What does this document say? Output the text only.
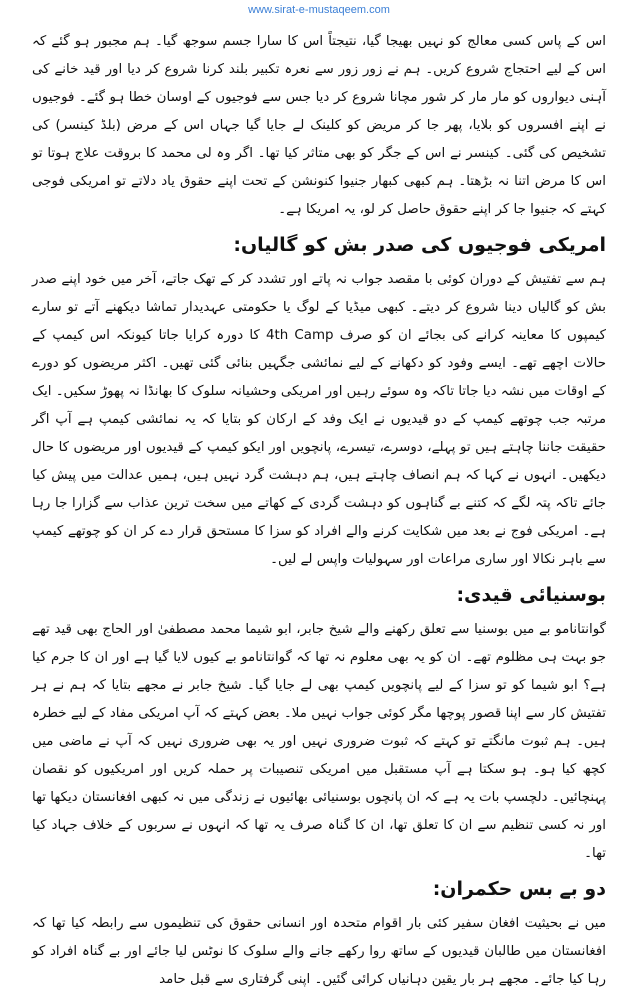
www.sirat-e-mustaqeem.com

اس کے پاس کسی معالج کو نہیں بھیجا گیا، نتیجتاً اس کا سارا جسم سوجھ گیا۔ ہم مجبور ہو گئے کہ اس کے لیے احتجاج شروع کریں۔ ہم نے زور زور سے نعرہ تکبیر بلند کرنا شروع کر دیا اور قید خانے کی آہنی دیواروں کو مار مار کر شور مچانا شروع کر دیا جس سے فوجیوں کے اوسان خطا ہو گئے۔ فوجیوں نے اپنے افسروں کو بلایا، پھر جا کر مریض کو کلینک لے جایا گیا جہاں اس کے مرض (بلڈ کینسر) کی تشخیص کی گئی۔ کینسر نے اس کے جگر کو بھی متاثر کیا تھا۔ اگر وہ لی محمد کا بروقت علاج ہوتا تو اس کا مرض اتنا نہ بڑھتا۔ ہم کبھی کبھار جنیوا کنونشن کے تحت اپنے حقوق یاد دلاتے تو امریکی فوجی کہتے کہ جنیوا جا کر اپنے حقوق حاصل کر لو، یہ امریکا ہے۔

امریکی فوجیوں کی صدر بش کو گالیاں:

ہم سے تفتیش کے دوران کوئی با مقصد جواب نہ پاتے اور تشدد کر کے تھک جاتے، آخر میں خود اپنے صدر بش کو گالیاں دینا شروع کر دیتے۔ کبھی میڈیا کے لوگ یا حکومتی عہدیدار تماشا دیکھنے آتے تو سارے کیمپوں کا معاینہ کرانے کی بجائے ان کو صرف 4th Camp کا دورہ کرایا جاتا کیونکہ اس کیمپ کے حالات اچھے تھے۔ ایسے وفود کو دکھانے کے لیے نمائشی جگہیں بنائی گئی تھیں۔ اکثر مریضوں کو دورے کے اوقات میں نشہ دیا جاتا تاکہ وہ سوئے رہیں اور امریکی وحشیانہ سلوک کا بھانڈا نہ پھوڑ سکیں۔ ایک مرتبہ جب چوتھے کیمپ کے دو قیدیوں نے ایک وفد کے ارکان کو بتایا کہ یہ نمائشی کیمپ ہے آپ اگر حقیقت جاننا چاہتے ہیں تو پہلے، دوسرے، تیسرے، پانچویں اور ایکو کیمپ کے قیدیوں اور مریضوں کا حال دیکھیں۔ انہوں نے کہا کہ ہم انصاف چاہتے ہیں، ہم دہشت گرد نہیں ہیں، ہمیں عدالت میں پیش کیا جائے تاکہ پتہ لگے کہ کتنے بے گناہوں کو دہشت گردی کے کھاتے میں سخت ترین عذاب سے گزارا جا رہا ہے۔ امریکی فوج نے بعد میں شکایت کرنے والے افراد کو سزا کا مستحق قرار دے کر ان کو چوتھے کیمپ سے باہر نکالا اور ساری مراعات اور سہولیات واپس لے لیں۔

بوسنیائی قیدی:

گوانتانامو بے میں بوسنیا سے تعلق رکھنے والے شیخ جابر، ابو شیما محمد مصطفیٰ اور الحاج بھی قید تھے جو بہت ہی مظلوم تھے۔ ان کو یہ بھی معلوم نہ تھا کہ گوانتانامو بے کیوں لایا گیا ہے اور ان کا جرم کیا ہے؟ ابو شیما کو تو سزا کے لیے پانچویں کیمپ بھی لے جایا گیا۔ شیخ جابر نے مجھے بتایا کہ ہم نے ہر تفتیش کار سے اپنا قصور پوچھا مگر کوئی جواب نہیں ملا۔ بعض کہتے کہ آپ امریکی مفاد کے لیے خطرہ ہیں۔ ہم ثبوت مانگتے تو کہتے کہ ثبوت ضروری نہیں اور یہ بھی ضروری نہیں کہ آپ نے ماضی میں کچھ کیا ہو۔ ہو سکتا ہے آپ مستقبل میں امریکی تنصیبات پر حملہ کریں اور امریکیوں کو نقصان پہنچائیں۔ دلچسپ بات یہ ہے کہ ان پانچوں بوسنیائی بھائیوں نے زندگی میں نہ کبھی افغانستان دیکھا تھا اور نہ کسی تنظیم سے ان کا تعلق تھا، ان کا گناہ صرف یہ تھا کہ انہوں نے سربوں کے خلاف جہاد کیا تھا۔

دو بے بس حکمران:

میں نے بحیثیت افغان سفیر کئی بار اقوام متحدہ اور انسانی حقوق کی تنظیموں سے رابطہ کیا تھا کہ افغانستان میں طالبان قیدیوں کے ساتھ روا رکھے جانے والے سلوک کا نوٹس لیا جائے اور بے گناہ افراد کو رہا کیا جائے۔ مجھے ہر بار یقین دہانیاں کرائی گئیں۔ اپنی گرفتاری سے قبل حامد
